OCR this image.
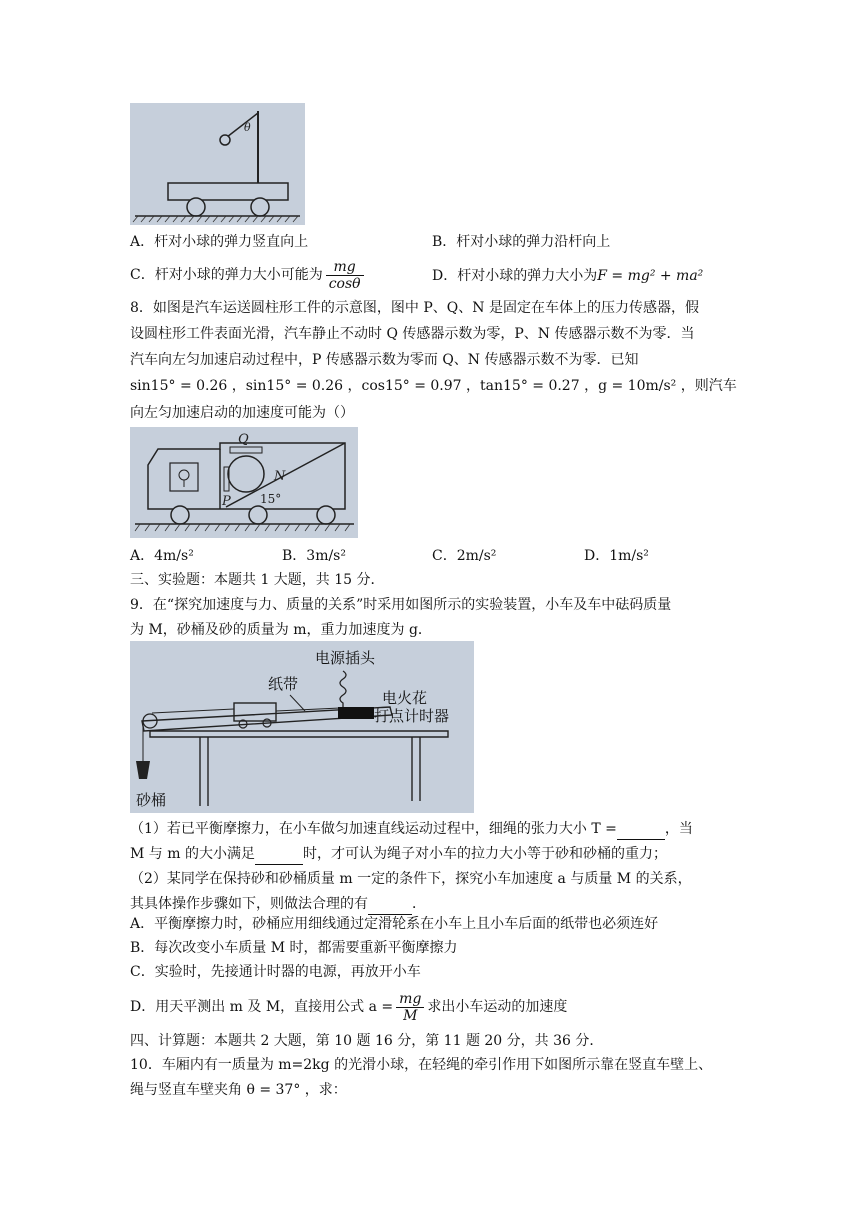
θ
A．杆对小球的弹力竖直向上	B．杆对小球的弹力沿杆向上
C．杆对小球的弹力大小可能为 $\frac{mg}{\cos\theta}$	D．杆对小球的弹力大小为F = mg² + ma²
8．如图是汽车运送圆柱形工件的示意图，图中 P、Q、N 是固定在车体上的压力传感器，假
设圆柱形工件表面光滑，汽车静止不动时 Q 传感器示数为零，P、N 传感器示数不为零．当
汽车向左匀加速启动过程中，P 传感器示数为零而 Q、N 传感器示数不为零．已知
sin15° = 0.26 ，sin15° = 0.26 ，cos15° = 0.97 ，tan15° = 0.27 ，g = 10m/s² ，则汽车
向左匀加速启动的加速度可能为（）
Q
N
P 15°
A．4m/s²	B．3m/s²	C．2m/s²	D．1m/s²
三、实验题：本题共 1 大题，共 15 分．
9．在“探究加速度与力、质量的关系”时采用如图所示的实验装置，小车及车中砝码质量
为 M，砂桶及砂的质量为 m，重力加速度为 g．
电源插头
纸带
电火花
打点计时器
砂桶
（1）若已平衡摩擦力，在小车做匀加速直线运动过程中，细绳的张力大小 T =	，当
M 与 m 的大小满足	时，才可认为绳子对小车的拉力大小等于砂和砂桶的重力；
（2）某同学在保持砂和砂桶质量 m 一定的条件下，探究小车加速度 a 与质量 M 的关系，
其具体操作步骤如下，则做法合理的有	．
A．平衡摩擦力时，砂桶应用细线通过定滑轮系在小车上且小车后面的纸带也必须连好
B．每次改变小车质量 M 时，都需要重新平衡摩擦力
C．实验时，先接通计时器的电源，再放开小车
D．用天平测出 m 及 M，直接用公式 $a = \frac{mg}{M}$ 求出小车运动的加速度
四、计算题：本题共 2 大题，第 10 题 16 分，第 11 题 20 分，共 36 分．
10．车厢内有一质量为 m=2kg 的光滑小球，在轻绳的牵引作用下如图所示靠在竖直车壁上、
绳与竖直车壁夹角 θ = 37° ，求：
